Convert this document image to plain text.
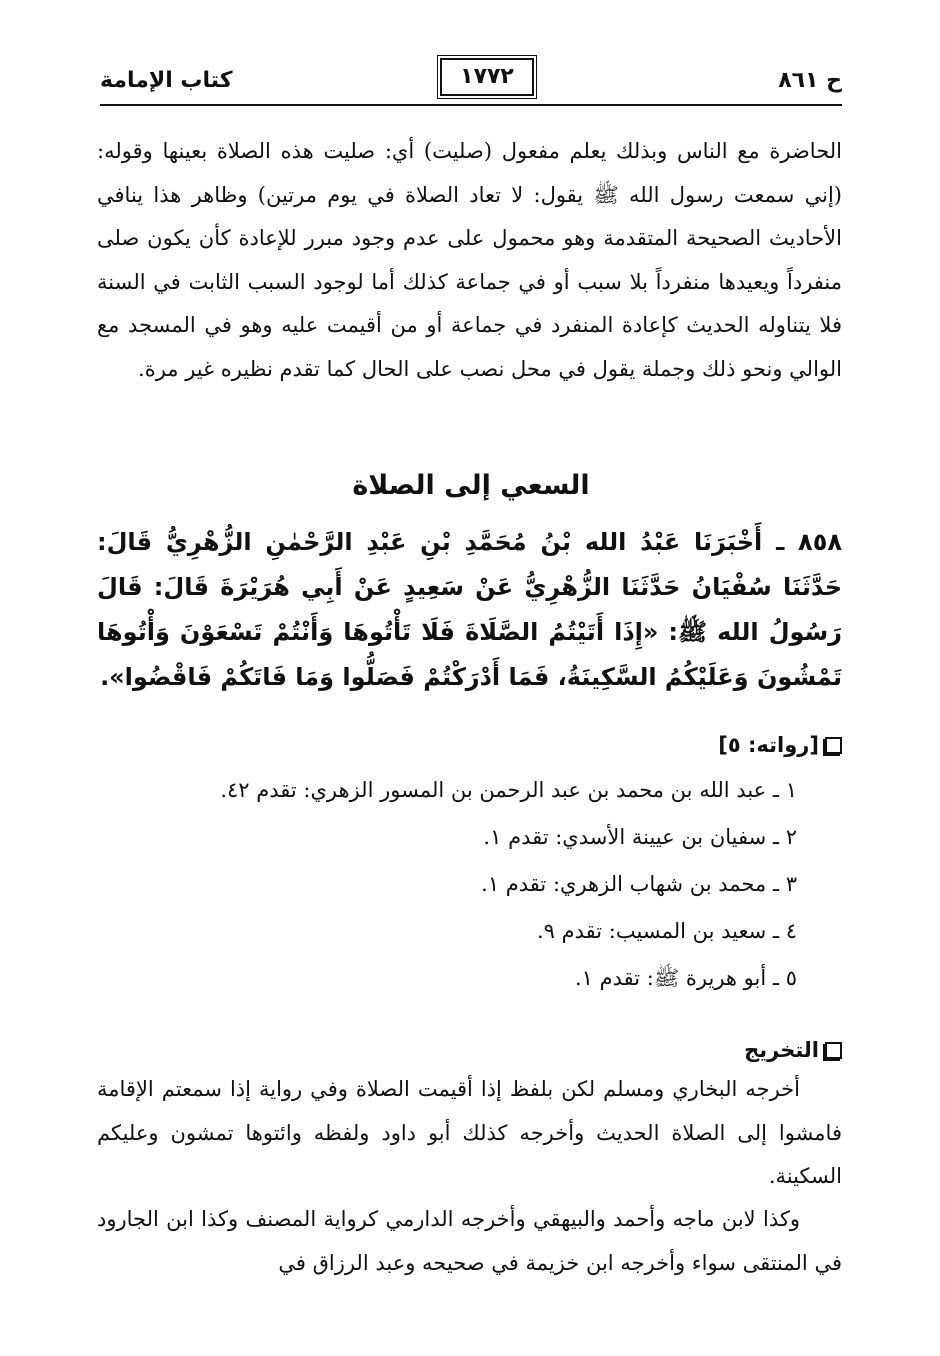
ح ٨٦١
١٧٧٢
كتاب الإمامة
الحاضرة مع الناس وبذلك يعلم مفعول (صليت) أي: صليت هذه الصلاة بعينها وقوله: (إني سمعت رسول الله ﷺ يقول: لا تعاد الصلاة في يوم مرتين) وظاهر هذا ينافي الأحاديث الصحيحة المتقدمة وهو محمول على عدم وجود مبرر للإعادة كأن يكون صلى منفرداً ويعيدها منفرداً بلا سبب أو في جماعة كذلك أما لوجود السبب الثابت في السنة فلا يتناوله الحديث كإعادة المنفرد في جماعة أو من أقيمت عليه وهو في المسجد مع الوالي ونحو ذلك وجملة يقول في محل نصب على الحال كما تقدم نظيره غير مرة.
السعي إلى الصلاة
٨٥٨ ـ أَخْبَرَنَا عَبْدُ الله بْنُ مُحَمَّدِ بْنِ عَبْدِ الرَّحْمٰنِ الزُّهْرِيُّ قَالَ: حَدَّثَنَا سُفْيَانُ حَدَّثَنَا الزُّهْرِيُّ عَنْ سَعِيدٍ عَنْ أَبِي هُرَيْرَةَ قَالَ: قَالَ رَسُولُ الله ﷺ: «إِذَا أَتَيْتُمُ الصَّلَاةَ فَلَا تَأْتُوهَا وَأَنْتُمْ تَسْعَوْنَ وَأْتُوهَا تَمْشُونَ وَعَلَيْكُمُ السَّكِينَةُ، فَمَا أَدْرَكْتُمْ فَصَلُّوا وَمَا فَاتَكُمْ فَاقْضُوا».
[رواته: ٥]
١ ـ عبد الله بن محمد بن عبد الرحمن بن المسور الزهري: تقدم ٤٢.
٢ ـ سفيان بن عيينة الأسدي: تقدم ١.
٣ ـ محمد بن شهاب الزهري: تقدم ١.
٤ ـ سعيد بن المسيب: تقدم ٩.
٥ ـ أبو هريرة ﷺ: تقدم ١.
التخريج
أخرجه البخاري ومسلم لكن بلفظ إذا أقيمت الصلاة وفي رواية إذا سمعتم الإقامة فامشوا إلى الصلاة الحديث وأخرجه كذلك أبو داود ولفظه وائتوها تمشون وعليكم السكينة.
وكذا لابن ماجه وأحمد والبيهقي وأخرجه الدارمي كرواية المصنف وكذا ابن الجارود في المنتقى سواء وأخرجه ابن خزيمة في صحيحه وعبد الرزاق في
